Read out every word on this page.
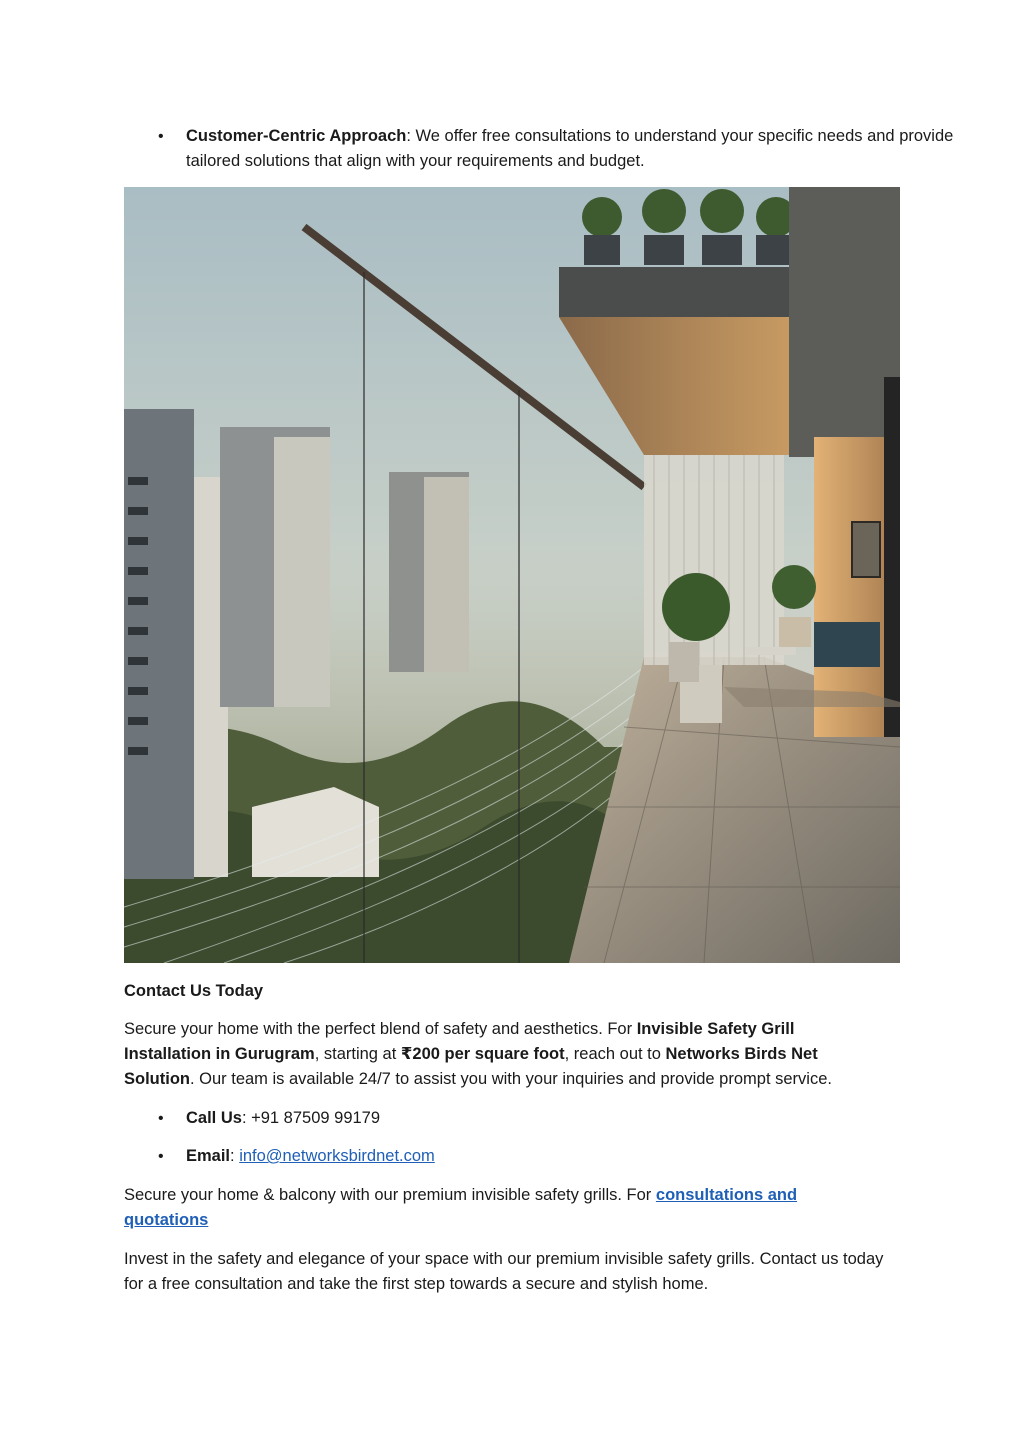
• Customer-Centric Approach: We offer free consultations to understand your specific needs and provide tailored solutions that align with your requirements and budget.
Contact Us Today

Secure your home with the perfect blend of safety and aesthetics. For Invisible Safety Grill Installation in Gurugram, starting at ₹200 per square foot, reach out to Networks Birds Net Solution. Our team is available 24/7 to assist you with your inquiries and provide prompt service.

• Call Us: +91 87509 99179
• Email: info@networksbirdnet.com

Secure your home & balcony with our premium invisible safety grills. For consultations and quotations

Invest in the safety and elegance of your space with our premium invisible safety grills. Contact us today for a free consultation and take the first step towards a secure and stylish home.
